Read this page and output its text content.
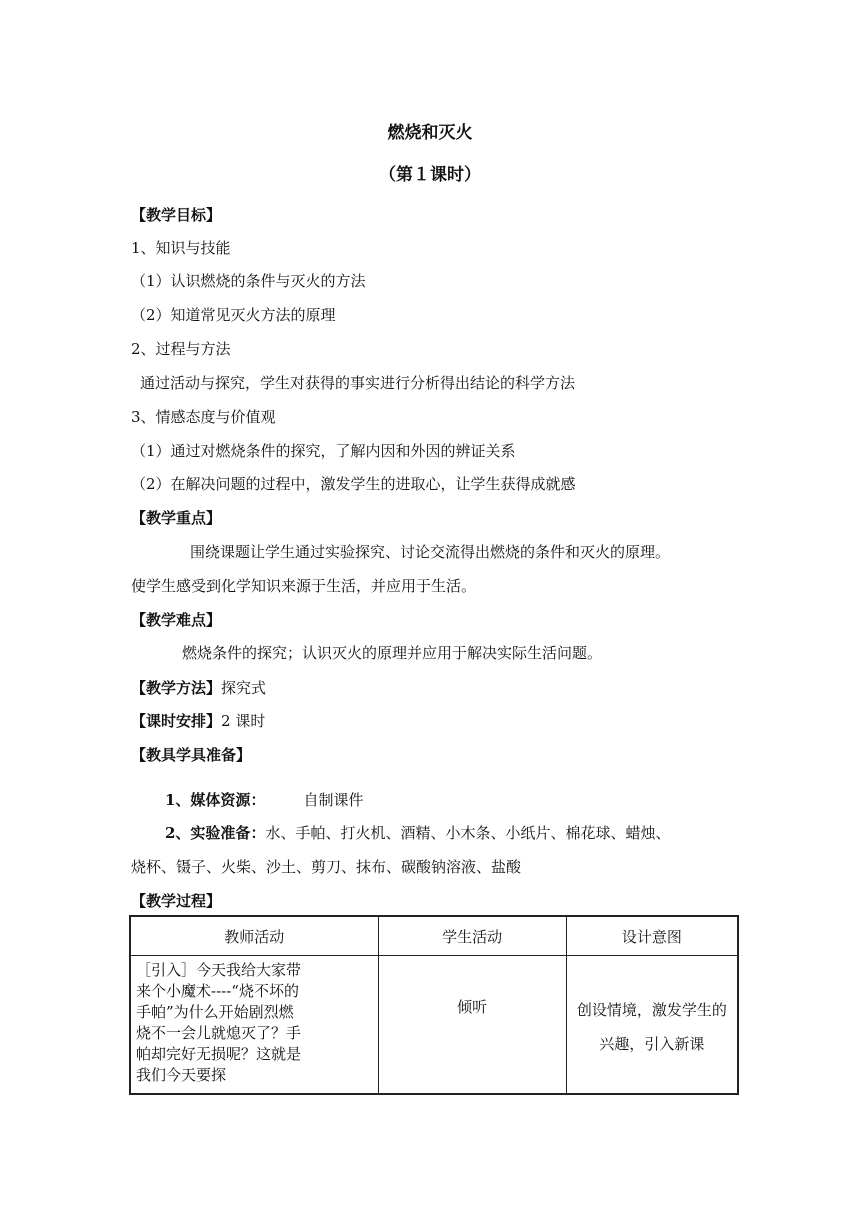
燃烧和灭火
（第１课时）
【教学目标】
1、知识与技能
（1）认识燃烧的条件与灭火的方法
（2）知道常见灭火方法的原理
2、过程与方法
通过活动与探究，学生对获得的事实进行分析得出结论的科学方法
3、情感态度与价值观
（1）通过对燃烧条件的探究，了解内因和外因的辨证关系
（2）在解决问题的过程中，激发学生的进取心，让学生获得成就感
【教学重点】
围绕课题让学生通过实验探究、讨论交流得出燃烧的条件和灭火的原理。
使学生感受到化学知识来源于生活，并应用于生活。
【教学难点】
燃烧条件的探究；认识灭火的原理并应用于解决实际生活问题。
【教学方法】探究式
【课时安排】2 课时
【教具学具准备】
1、媒体资源：	自制课件
2、实验准备：水、手帕、打火机、酒精、小木条、小纸片、棉花球、蜡烛、
烧杯、镊子、火柴、沙土、剪刀、抹布、碳酸钠溶液、盐酸
【教学过程】
教师活动	学生活动	设计意图

［引入］今天我给大家带来个小魔术----“烧不坏的手帕”为什么开始剧烈燃烧不一会儿就熄灭了？手帕却完好无损呢？这就是我们今天要探	倾听	创设情境，激发学生的兴趣，引入新课
